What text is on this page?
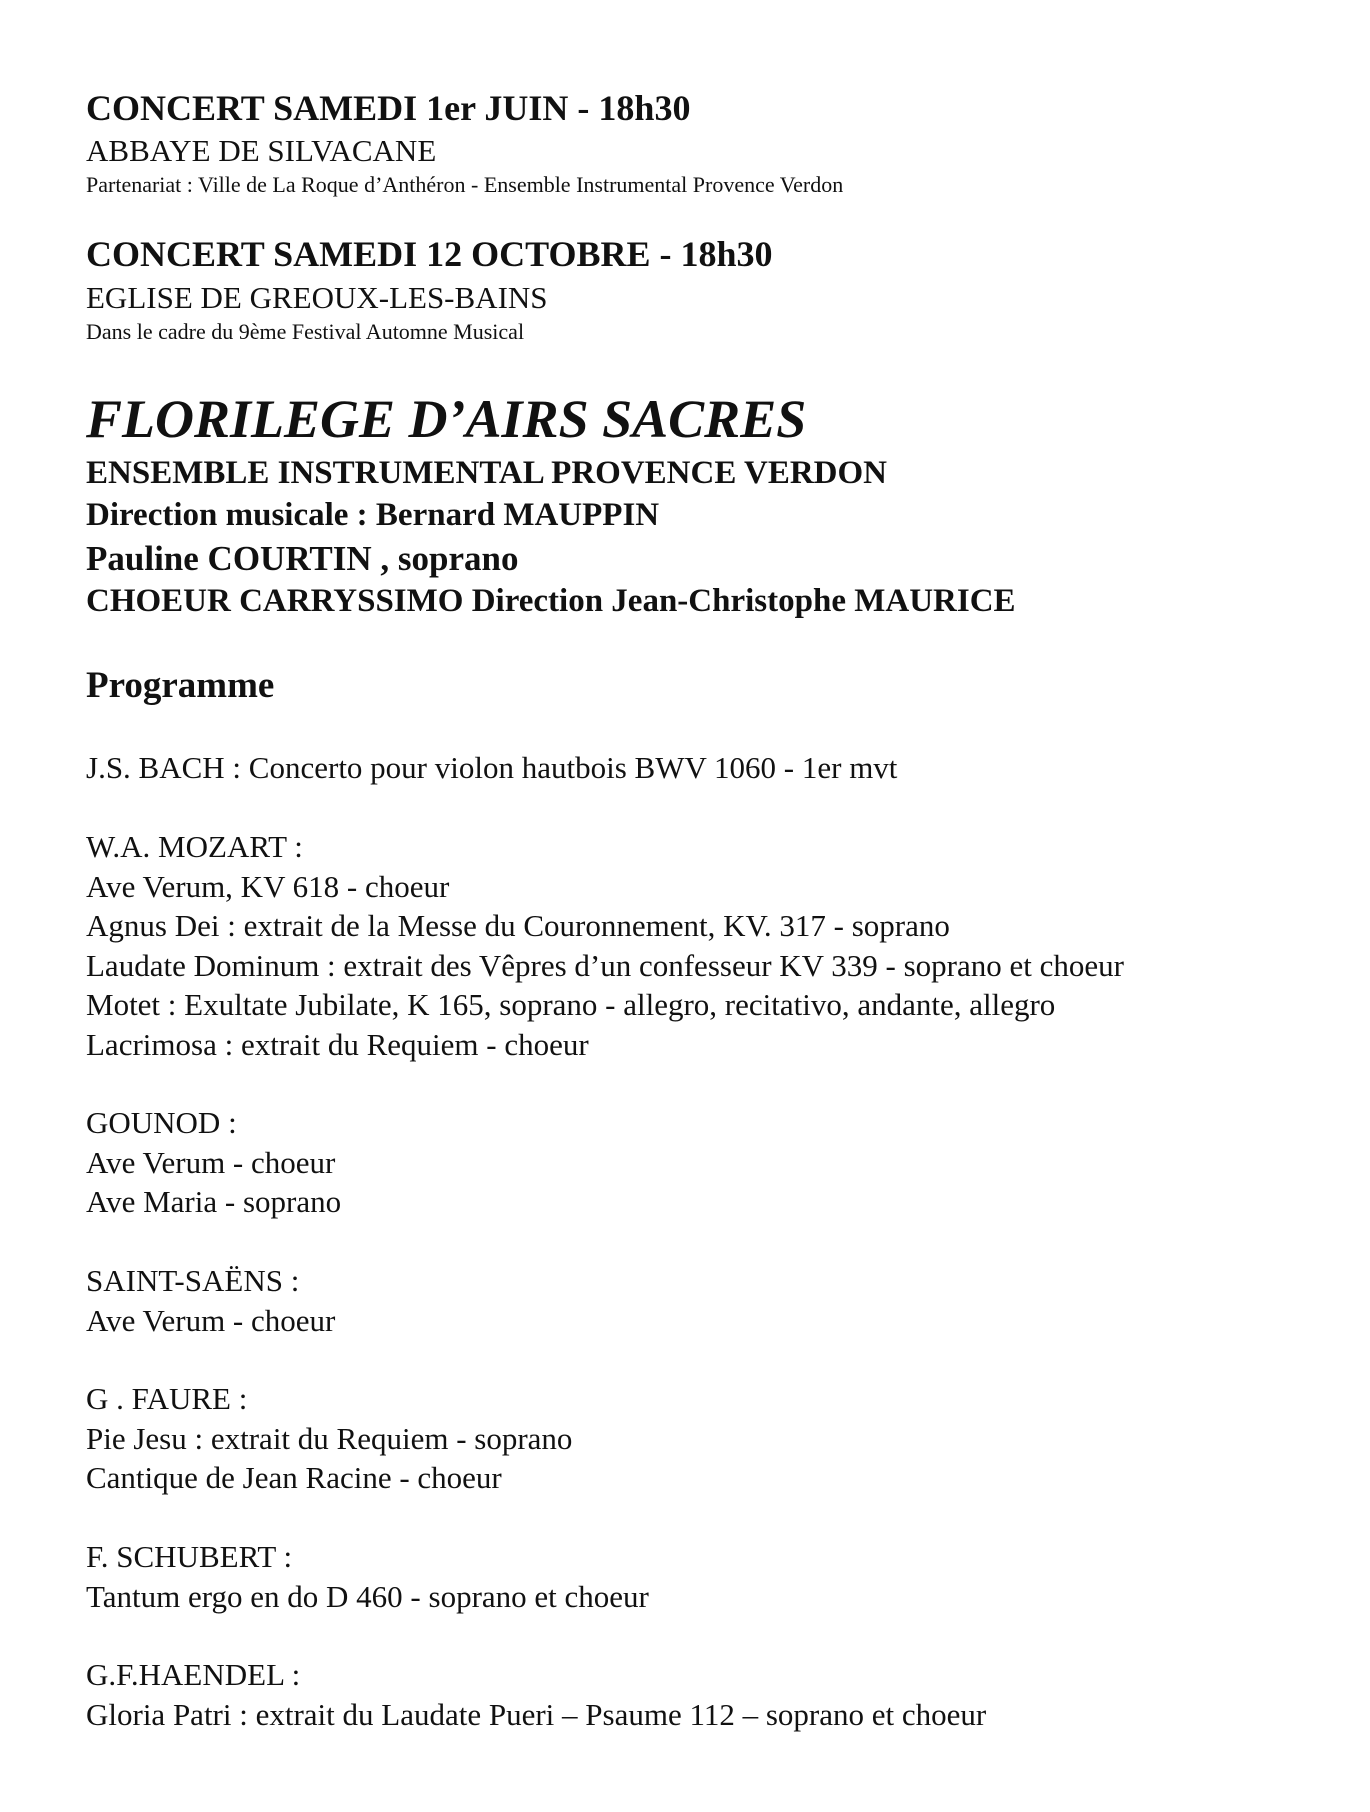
CONCERT SAMEDI 1er JUIN - 18h30
ABBAYE DE SILVACANE
Partenariat : Ville de La Roque d’Anthéron - Ensemble Instrumental Provence Verdon
CONCERT SAMEDI 12 OCTOBRE - 18h30
EGLISE DE GREOUX-LES-BAINS
Dans le cadre du 9ème Festival Automne Musical
FLORILEGE D’AIRS SACRES
ENSEMBLE INSTRUMENTAL PROVENCE VERDON
Direction musicale : Bernard MAUPPIN
Pauline COURTIN , soprano
CHOEUR CARRYSSIMO Direction Jean-Christophe MAURICE
Programme
J.S. BACH : Concerto pour violon hautbois BWV 1060 - 1er mvt
W.A. MOZART :
Ave Verum, KV 618 - choeur
Agnus Dei : extrait de la Messe du Couronnement, KV. 317 - soprano
Laudate Dominum : extrait des Vêpres d’un confesseur KV 339 - soprano et choeur
Motet : Exultate Jubilate, K 165, soprano - allegro, recitativo, andante, allegro
Lacrimosa : extrait du Requiem - choeur
GOUNOD :
Ave Verum - choeur
Ave Maria - soprano
SAINT-SAËNS :
Ave Verum - choeur
G . FAURE :
Pie Jesu : extrait du Requiem - soprano
Cantique de Jean Racine - choeur
F. SCHUBERT :
Tantum ergo en do D 460 - soprano et choeur
G.F.HAENDEL :
Gloria Patri : extrait du Laudate Pueri – Psaume 112 – soprano et choeur
